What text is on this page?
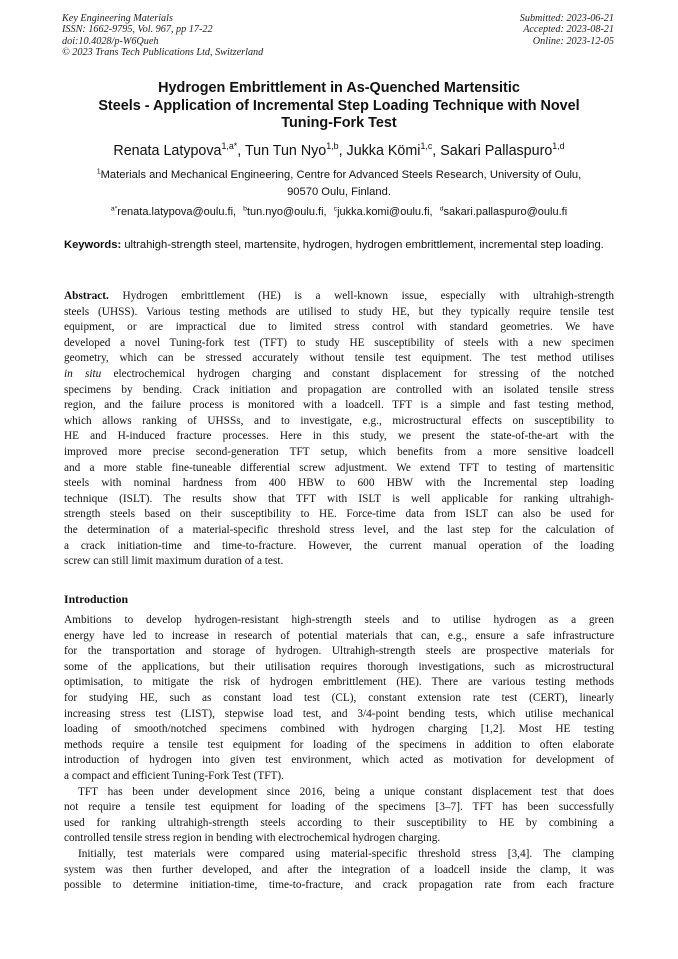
Key Engineering Materials
ISSN: 1662-9795, Vol. 967, pp 17-22
doi:10.4028/p-W6Queh
© 2023 Trans Tech Publications Ltd, Switzerland
Submitted: 2023-06-21
Accepted: 2023-08-21
Online: 2023-12-05
Hydrogen Embrittlement in As-Quenched Martensitic
Steels - Application of Incremental Step Loading Technique with Novel
Tuning-Fork Test
Renata Latypova$^{1,a*}$, Tun Tun Nyo$^{1,b}$, Jukka Kömi$^{1,c}$, Sakari Pallaspuro$^{1,d}$
$^1$Materials and Mechanical Engineering, Centre for Advanced Steels Research, University of Oulu,
90570 Oulu, Finland.
$^{a*}$renata.latypova@oulu.fi, $^b$tun.nyo@oulu.fi, $^c$jukka.komi@oulu.fi, $^d$sakari.pallaspuro@oulu.fi
Keywords: ultrahigh-strength steel, martensite, hydrogen, hydrogen embrittlement, incremental step loading.
Abstract. Hydrogen embrittlement (HE) is a well-known issue, especially with ultrahigh-strength
steels (UHSS). Various testing methods are utilised to study HE, but they typically require tensile test
equipment, or are impractical due to limited stress control with standard geometries. We have
developed a novel Tuning-fork test (TFT) to study HE susceptibility of steels with a new specimen
geometry, which can be stressed accurately without tensile test equipment. The test method utilises
in situ electrochemical hydrogen charging and constant displacement for stressing of the notched
specimens by bending. Crack initiation and propagation are controlled with an isolated tensile stress
region, and the failure process is monitored with a loadcell. TFT is a simple and fast testing method,
which allows ranking of UHSSs, and to investigate, e.g., microstructural effects on susceptibility to
HE and H-induced fracture processes. Here in this study, we present the state-of-the-art with the
improved more precise second-generation TFT setup, which benefits from a more sensitive loadcell
and a more stable fine-tuneable differential screw adjustment. We extend TFT to testing of martensitic
steels with nominal hardness from 400 HBW to 600 HBW with the Incremental step loading
technique (ISLT). The results show that TFT with ISLT is well applicable for ranking ultrahigh-
strength steels based on their susceptibility to HE. Force-time data from ISLT can also be used for
the determination of a material-specific threshold stress level, and the last step for the calculation of
a crack initiation-time and time-to-fracture. However, the current manual operation of the loading
screw can still limit maximum duration of a test.
Introduction
Ambitions to develop hydrogen-resistant high-strength steels and to utilise hydrogen as a green
energy have led to increase in research of potential materials that can, e.g., ensure a safe infrastructure
for the transportation and storage of hydrogen. Ultrahigh-strength steels are prospective materials for
some of the applications, but their utilisation requires thorough investigations, such as microstructural
optimisation, to mitigate the risk of hydrogen embrittlement (HE). There are various testing methods
for studying HE, such as constant load test (CL), constant extension rate test (CERT), linearly
increasing stress test (LIST), stepwise load test, and 3/4-point bending tests, which utilise mechanical
loading of smooth/notched specimens combined with hydrogen charging [1,2]. Most HE testing
methods require a tensile test equipment for loading of the specimens in addition to often elaborate
introduction of hydrogen into given test environment, which acted as motivation for development of
a compact and efficient Tuning-Fork Test (TFT).
TFT has been under development since 2016, being a unique constant displacement test that does
not require a tensile test equipment for loading of the specimens [3–7]. TFT has been successfully
used for ranking ultrahigh-strength steels according to their susceptibility to HE by combining a
controlled tensile stress region in bending with electrochemical hydrogen charging.
Initially, test materials were compared using material-specific threshold stress [3,4]. The clamping
system was then further developed, and after the integration of a loadcell inside the clamp, it was
possible to determine initiation-time, time-to-fracture, and crack propagation rate from each fracture
